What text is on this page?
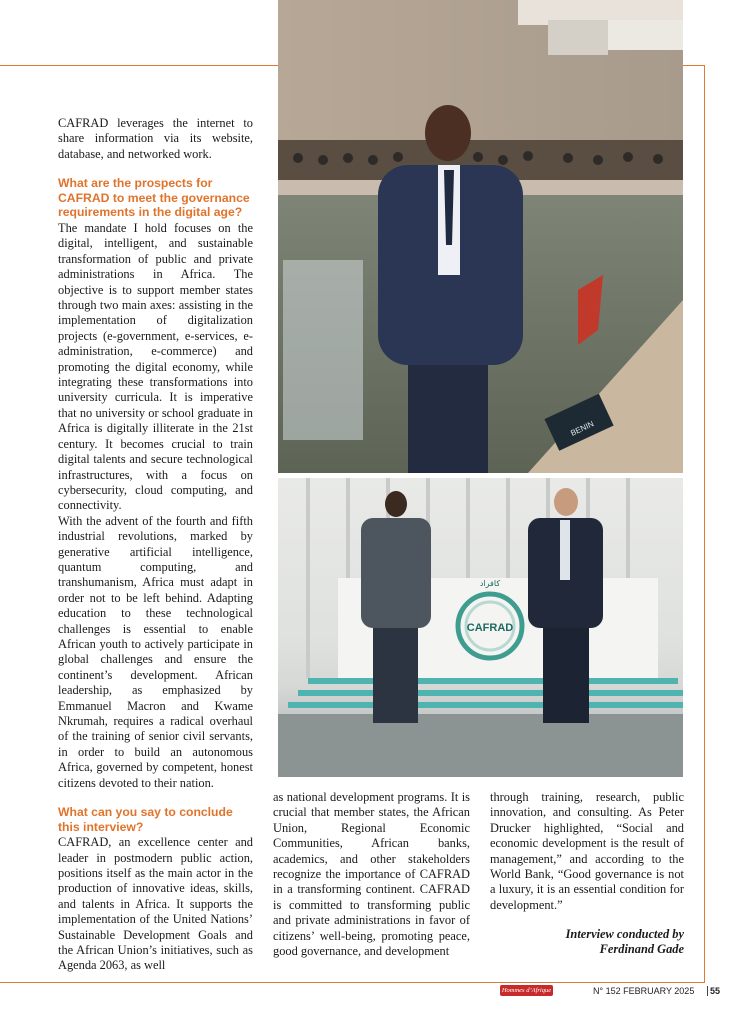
CAFRAD leverages the internet to share information via its website, database, and networked work.

What are the prospects for CAFRAD to meet the governance requirements in the digital age?

The mandate I hold focuses on the digital, intelligent, and sustainable transformation of public and private administrations in Africa. The objective is to support member states through two main axes: assisting in the implementation of digitalization projects (e-government, e-services, e-administration, e-commerce) and promoting the digital economy, while integrating these transformations into university curricula. It is imperative that no university or school graduate in Africa is digitally illiterate in the 21st century. It becomes crucial to train digital talents and secure technological infrastructures, with a focus on cybersecurity, cloud computing, and connectivity.

With the advent of the fourth and fifth industrial revolutions, marked by generative artificial intelligence, quantum computing, and transhumanism, Africa must adapt in order not to be left behind. Adapting education to these technological challenges is essential to enable African youth to actively participate in global challenges and ensure the continent’s development. African leadership, as emphasized by Emmanuel Macron and Kwame Nkrumah, requires a radical overhaul of the training of senior civil servants, in order to build an autonomous Africa, governed by competent, honest citizens devoted to their nation.

What can you say to conclude this interview?

CAFRAD, an excellence center and leader in postmodern public action, positions itself as the main actor in the production of innovative ideas, skills, and talents in Africa. It supports the implementation of the United Nations’ Sustainable Development Goals and the African Union’s initiatives, such as Agenda 2063, as well

as national development programs. It is crucial that member states, the African Union, Regional Economic Communities, African banks, academics, and other stakeholders recognize the importance of CAFRAD in a transforming continent. CAFRAD is committed to transforming public and private administrations in favor of citizens’ well-being, promoting peace, good governance, and development

through training, research, public innovation, and consulting. As Peter Drucker highlighted, “Social and economic development is the result of management,” and according to the World Bank, “Good governance is not a luxury, it is an essential condition for development.”

Interview conducted by
Ferdinand Gade

BENIN
CAFRAD
كافراد
Hommes d’Afrique	N° 152 FEBRUARY 2025	55
